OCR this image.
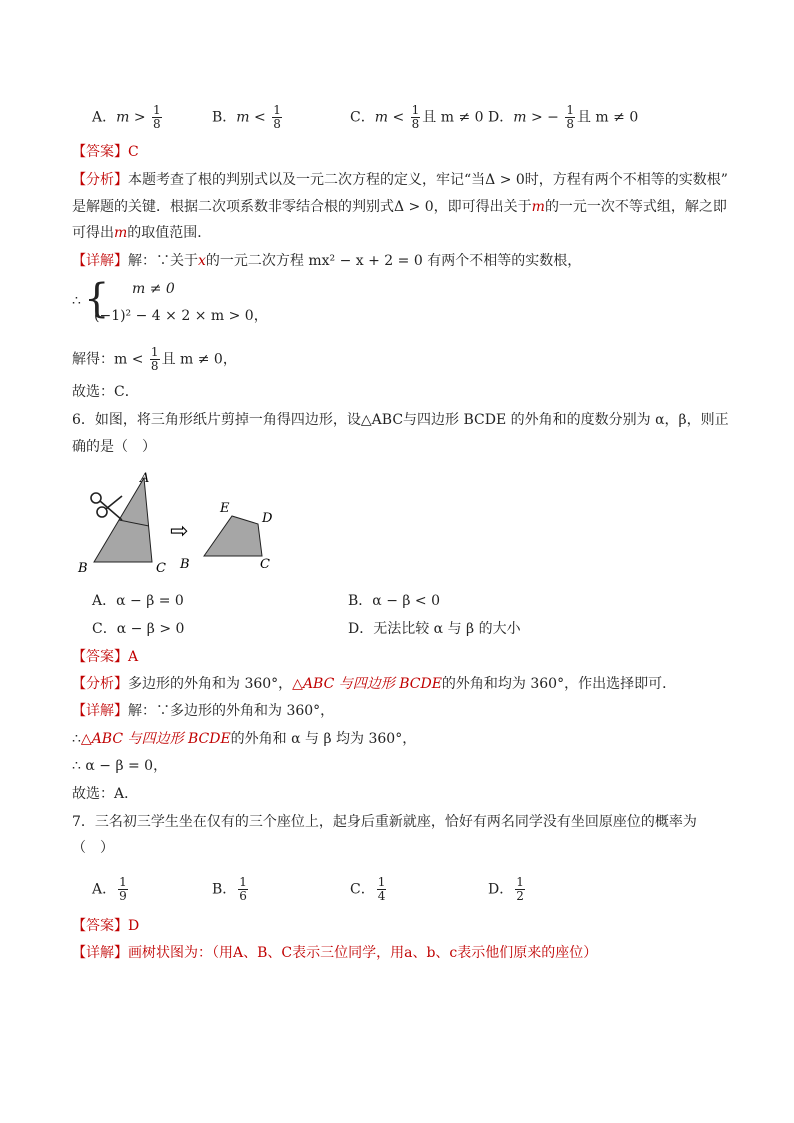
A．$m > \frac{1}{8}$	B．$m < \frac{1}{8}$	C．$m < \frac{1}{8}$ 且 m ≠ 0 D．m > − $\frac{1}{8}$ 且 m ≠ 0
【答案】C
【分析】本题考查了根的判别式以及一元二次方程的定义，牢记“当Δ > 0时，方程有两个不相等的实数根”
是解题的关键．根据二次项系数非零结合根的判别式Δ > 0，即可得出关于m的一元一次不等式组，解之即
可得出m的取值范围．
【详解】解：∵关于x的一元二次方程 mx² − x + 2 = 0 有两个不相等的实数根，
∴ { m ≠ 0
(−1)² − 4 × 2 × m > 0，
解得：$m < \frac{1}{8}$ 且 m ≠ 0，
故选：C．
6．如图，将三角形纸片剪掉一角得四边形，设△ABC与四边形 BCDE 的外角和的度数分别为 α，β，则正
确的是（　）
⇨
A
B	C
E
D
B	C
A．α − β = 0	B．α − β < 0
C．α − β > 0	D．无法比较 α 与 β 的大小
【答案】A
【分析】多边形的外角和为 360°，△ABC 与四边形 BCDE的外角和均为 360°，作出选择即可．
【详解】解：∵多边形的外角和为 360°，
∴△ABC 与四边形 BCDE的外角和 α 与 β 均为 360°，
∴ α − β = 0，
故选：A．
7．三名初三学生坐在仅有的三个座位上，起身后重新就座，恰好有两名同学没有坐回原座位的概率为
（　）
A． $\frac{1}{9}$	B． $\frac{1}{6}$	C． $\frac{1}{4}$	D． $\frac{1}{2}$
【答案】D
【详解】画树状图为：（用A、B、C表示三位同学，用a、b、c表示他们原来的座位）
